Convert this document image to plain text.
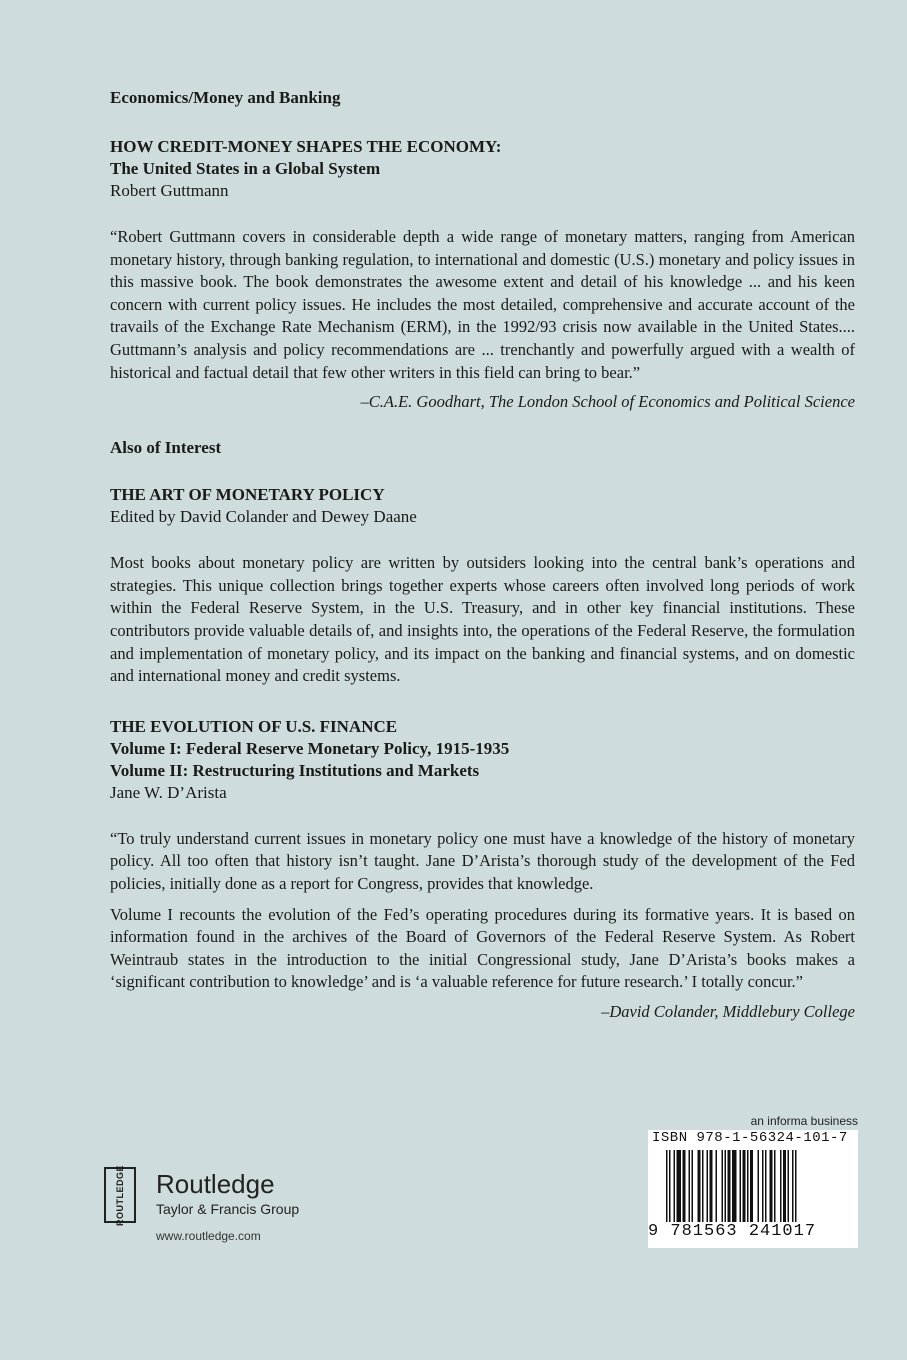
Economics/Money and Banking

HOW CREDIT-MONEY SHAPES THE ECONOMY:

The United States in a Global System

Robert Guttmann

“Robert Guttmann covers in considerable depth a wide range of monetary matters, ranging from American monetary history, through banking regulation, to international and domestic (U.S.) monetary and policy issues in this massive book. The book demonstrates the awesome extent and detail of his knowledge ... and his keen concern with current policy issues. He includes the most detailed, comprehensive and accurate account of the travails of the Exchange Rate Mechanism (ERM), in the 1992/93 crisis now available in the United States.... Guttmann’s analysis and policy recommendations are ... trenchantly and powerfully argued with a wealth of historical and factual detail that few other writers in this field can bring to bear.”

–C.A.E. Goodhart, The London School of Economics and Political Science

Also of Interest

THE ART OF MONETARY POLICY

Edited by David Colander and Dewey Daane

Most books about monetary policy are written by outsiders looking into the central bank’s operations and strategies. This unique collection brings together experts whose careers often involved long periods of work within the Federal Reserve System, in the U.S. Treasury, and in other key financial institutions. These contributors provide valuable details of, and insights into, the operations of the Federal Reserve, the formulation and implementation of monetary policy, and its impact on the banking and financial systems, and on domestic and international money and credit systems.

THE EVOLUTION OF U.S. FINANCE

Volume I: Federal Reserve Monetary Policy, 1915-1935

Volume II: Restructuring Institutions and Markets

Jane W. D’Arista

“To truly understand current issues in monetary policy one must have a knowledge of the history of monetary policy. All too often that history isn’t taught. Jane D’Arista’s thorough study of the development of the Fed policies, initially done as a report for Congress, provides that knowledge.

Volume I recounts the evolution of the Fed’s operating procedures during its formative years. It is based on information found in the archives of the Board of Governors of the Federal Reserve System. As Robert Weintraub states in the introduction to the initial Congressional study, Jane D’Arista’s books makes a ‘significant contribution to knowledge’ and is ‘a valuable reference for future research.’ I totally concur.”

–David Colander, Middlebury College

ROUTLEDGE Routledge
Taylor & Francis Group
www.routledge.com
an informa business
ISBN 978-1-56324-101-7
9 781563 241017
